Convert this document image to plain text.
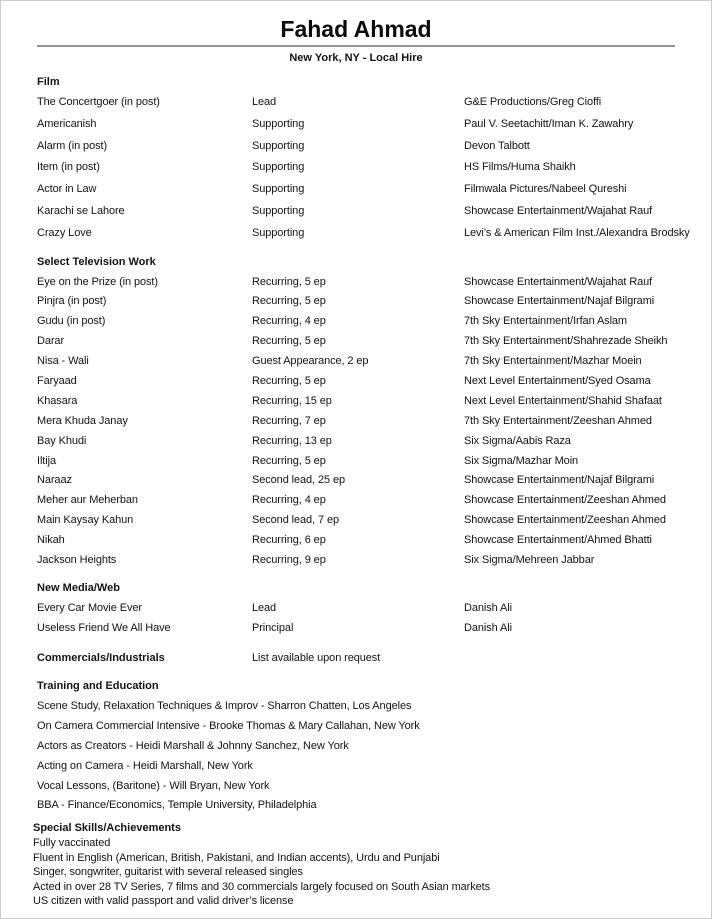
Fahad Ahmad
New York, NY - Local Hire
Film
The Concertgoer (in post)	Lead	G&E Productions/Greg Cioffi
Americanish	Supporting	Paul V. Seetachitt/Iman K. Zawahry
Alarm (in post)	Supporting	Devon Talbott
Item (in post)	Supporting	HS Films/Huma Shaikh
Actor in Law	Supporting	Filmwala Pictures/Nabeel Qureshi
Karachi se Lahore	Supporting	Showcase Entertainment/Wajahat Rauf
Crazy Love	Supporting	Levi’s & American Film Inst./Alexandra Brodsky
Select Television Work
Eye on the Prize (in post)	Recurring, 5 ep	Showcase Entertainment/Wajahat Rauf
Pinjra (in post)	Recurring, 5 ep	Showcase Entertainment/Najaf Bilgrami
Gudu (in post)	Recurring, 4 ep	7th Sky Entertainment/Irfan Aslam
Darar	Recurring, 5 ep	7th Sky Entertainment/Shahrezade Sheikh
Nisa - Wali	Guest Appearance, 2 ep	7th Sky Entertainment/Mazhar Moein
Faryaad	Recurring, 5 ep	Next Level Entertainment/Syed Osama
Khasara	Recurring, 15 ep	Next Level Entertainment/Shahid Shafaat
Mera Khuda Janay	Recurring, 7 ep	7th Sky Entertainment/Zeeshan Ahmed
Bay Khudi	Recurring, 13 ep	Six Sigma/Aabis Raza
Iltija	Recurring, 5 ep	Six Sigma/Mazhar Moin
Naraaz	Second lead, 25 ep	Showcase Entertainment/Najaf Bilgrami
Meher aur Meherban	Recurring, 4 ep	Showcase Entertainment/Zeeshan Ahmed
Main Kaysay Kahun	Second lead, 7 ep	Showcase Entertainment/Zeeshan Ahmed
Nikah	Recurring, 6 ep	Showcase Entertainment/Ahmed Bhatti
Jackson Heights	Recurring, 9 ep	Six Sigma/Mehreen Jabbar
New Media/Web
Every Car Movie Ever	Lead	Danish Ali
Useless Friend We All Have	Principal	Danish Ali
Commercials/Industrials	List available upon request
Training and Education

Scene Study, Relaxation Techniques & Improv - Sharron Chatten, Los Angeles

On Camera Commercial Intensive - Brooke Thomas & Mary Callahan, New York

Actors as Creators - Heidi Marshall & Johnny Sanchez, New York

Acting on Camera - Heidi Marshall, New York

Vocal Lessons, (Baritone) - Will Bryan, New York

BBA - Finance/Economics, Temple University, Philadelphia

Special Skills/Achievements

Fully vaccinated

Fluent in English (American, British, Pakistani, and Indian accents), Urdu and Punjabi

Singer, songwriter, guitarist with several released singles

Acted in over 28 TV Series, 7 films and 30 commercials largely focused on South Asian markets

US citizen with valid passport and valid driver’s license
